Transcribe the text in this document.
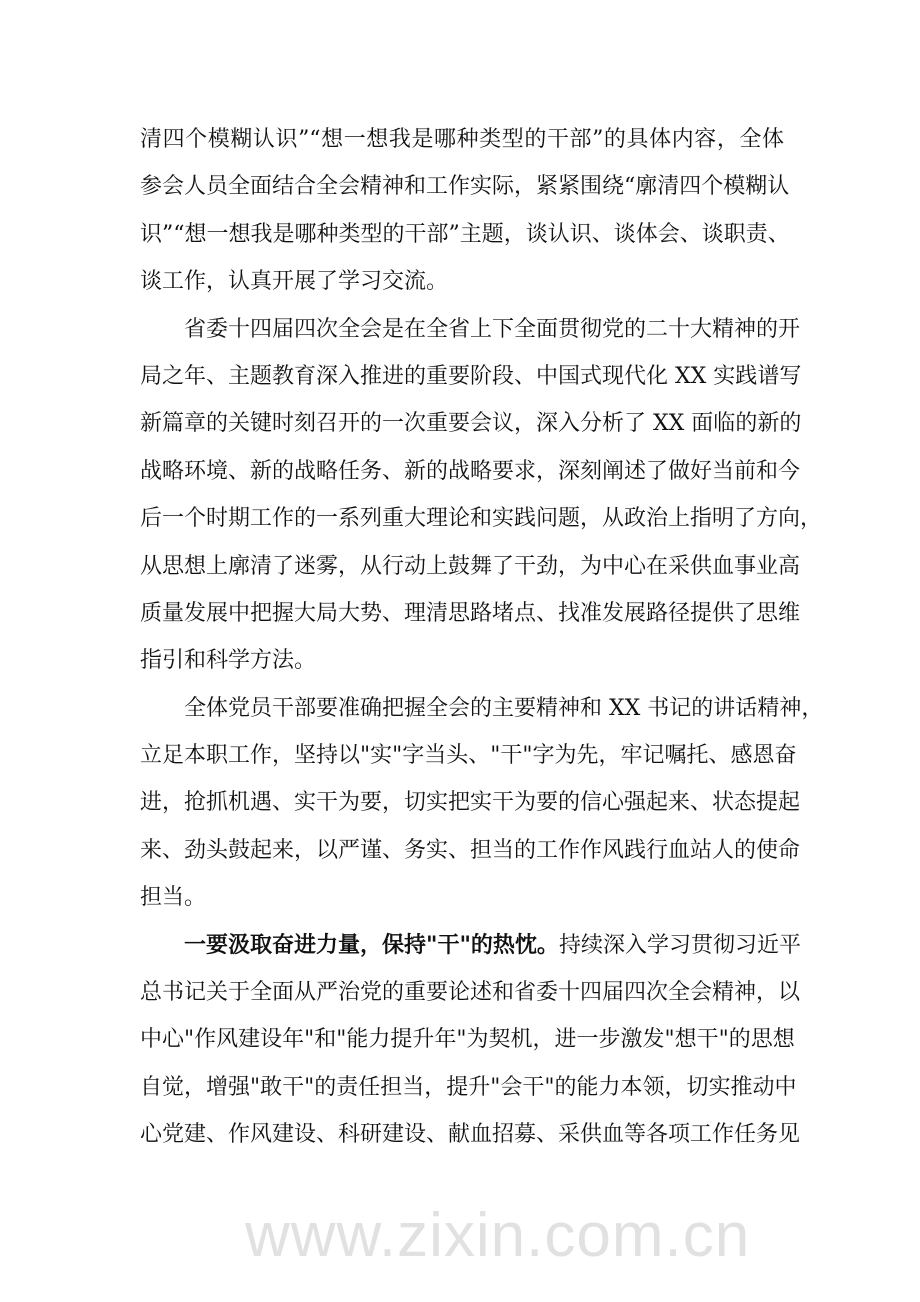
www.zixin.com.cn
清四个模糊认识”“想一想我是哪种类型的干部”的具体内容，全体
参会人员全面结合全会精神和工作实际，紧紧围绕“廓清四个模糊认
识”“想一想我是哪种类型的干部”主题，谈认识、谈体会、谈职责、
谈工作，认真开展了学习交流。
省委十四届四次全会是在全省上下全面贯彻党的二十大精神的开
局之年、主题教育深入推进的重要阶段、中国式现代化 XX 实践谱写
新篇章的关键时刻召开的一次重要会议，深入分析了 XX 面临的新的
战略环境、新的战略任务、新的战略要求，深刻阐述了做好当前和今
后一个时期工作的一系列重大理论和实践问题，从政治上指明了方向，
从思想上廓清了迷雾，从行动上鼓舞了干劲，为中心在采供血事业高
质量发展中把握大局大势、理清思路堵点、找准发展路径提供了思维
指引和科学方法。
全体党员干部要准确把握全会的主要精神和 XX 书记的讲话精神，
立足本职工作，坚持以"实"字当头、"干"字为先，牢记嘱托、感恩奋
进，抢抓机遇、实干为要，切实把实干为要的信心强起来、状态提起
来、劲头鼓起来，以严谨、务实、担当的工作作风践行血站人的使命
担当。
一要汲取奋进力量，保持"干"的热忱。持续深入学习贯彻习近平
总书记关于全面从严治党的重要论述和省委十四届四次全会精神，以
中心"作风建设年"和"能力提升年"为契机，进一步激发"想干"的思想
自觉，增强"敢干"的责任担当，提升"会干"的能力本领，切实推动中
心党建、作风建设、科研建设、献血招募、采供血等各项工作任务见
